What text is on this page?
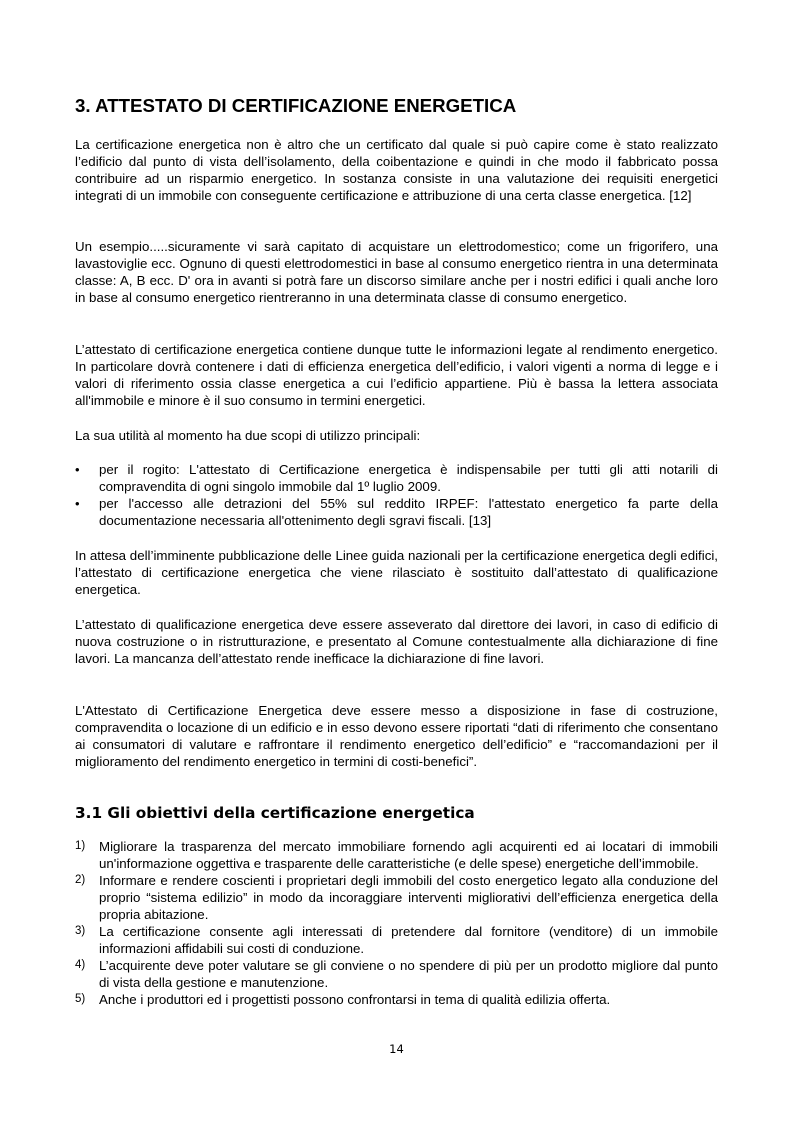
3. ATTESTATO DI CERTIFICAZIONE ENERGETICA

La certificazione energetica non è altro che un certificato dal quale si può capire come è stato realizzato l’edificio dal punto di vista dell’isolamento, della coibentazione e quindi in che modo il fabbricato possa contribuire ad un risparmio energetico. In sostanza consiste in una valutazione dei requisiti energetici integrati di un immobile con conseguente certificazione e attribuzione di una certa classe energetica. [12]

Un esempio.....sicuramente vi sarà capitato di acquistare un elettrodomestico; come un frigorifero, una lavastoviglie ecc. Ognuno di questi elettrodomestici in base al consumo energetico rientra in una determinata classe: A, B ecc. D' ora in avanti si potrà fare un discorso similare anche per i nostri edifici i quali anche loro in base al consumo energetico rientreranno in una determinata classe di consumo energetico.

L’attestato di certificazione energetica contiene dunque tutte le informazioni legate al rendimento energetico. In particolare dovrà contenere i dati di efficienza energetica dell’edificio, i valori vigenti a norma di legge e i valori di riferimento ossia classe energetica a cui l’edificio appartiene. Più è bassa la lettera associata all'immobile e minore è il suo consumo in termini energetici.

La sua utilità al momento ha due scopi di utilizzo principali:

•	per il rogito: L'attestato di Certificazione energetica è indispensabile per tutti gli atti notarili di compravendita di ogni singolo immobile dal 1º luglio 2009.
•	per l'accesso alle detrazioni del 55% sul reddito IRPEF: l'attestato energetico fa parte della documentazione necessaria all'ottenimento degli sgravi fiscali. [13]

In attesa dell’imminente pubblicazione delle Linee guida nazionali per la certificazione energetica degli edifici, l’attestato di certificazione energetica che viene rilasciato è sostituito dall’attestato di qualificazione energetica.

L’attestato di qualificazione energetica deve essere asseverato dal direttore dei lavori, in caso di edificio di nuova costruzione o in ristrutturazione, e presentato al Comune contestualmente alla dichiarazione di fine lavori. La mancanza dell’attestato rende inefficace la dichiarazione di fine lavori.

L'Attestato di Certificazione Energetica deve essere messo a disposizione in fase di costruzione, compravendita o locazione di un edificio e in esso devono essere riportati “dati di riferimento che consentano ai consumatori di valutare e raffrontare il rendimento energetico dell’edificio” e “raccomandazioni per il miglioramento del rendimento energetico in termini di costi-benefici”.

3.1 Gli obiettivi della certificazione energetica
1)	Migliorare la trasparenza del mercato immobiliare fornendo agli acquirenti ed ai locatari di immobili un'informazione oggettiva e trasparente delle caratteristiche (e delle spese) energetiche dell’immobile.
2)	Informare e rendere coscienti i proprietari degli immobili del costo energetico legato alla conduzione del proprio “sistema edilizio” in modo da incoraggiare interventi migliorativi dell’efficienza energetica della propria abitazione.
3)	La certificazione consente agli interessati di pretendere dal fornitore (venditore) di un immobile informazioni affidabili sui costi di conduzione.
4)	L’acquirente deve poter valutare se gli conviene o no spendere di più per un prodotto migliore dal punto di vista della gestione e manutenzione.
5)	Anche i produttori ed i progettisti possono confrontarsi in tema di qualità edilizia offerta.
14
